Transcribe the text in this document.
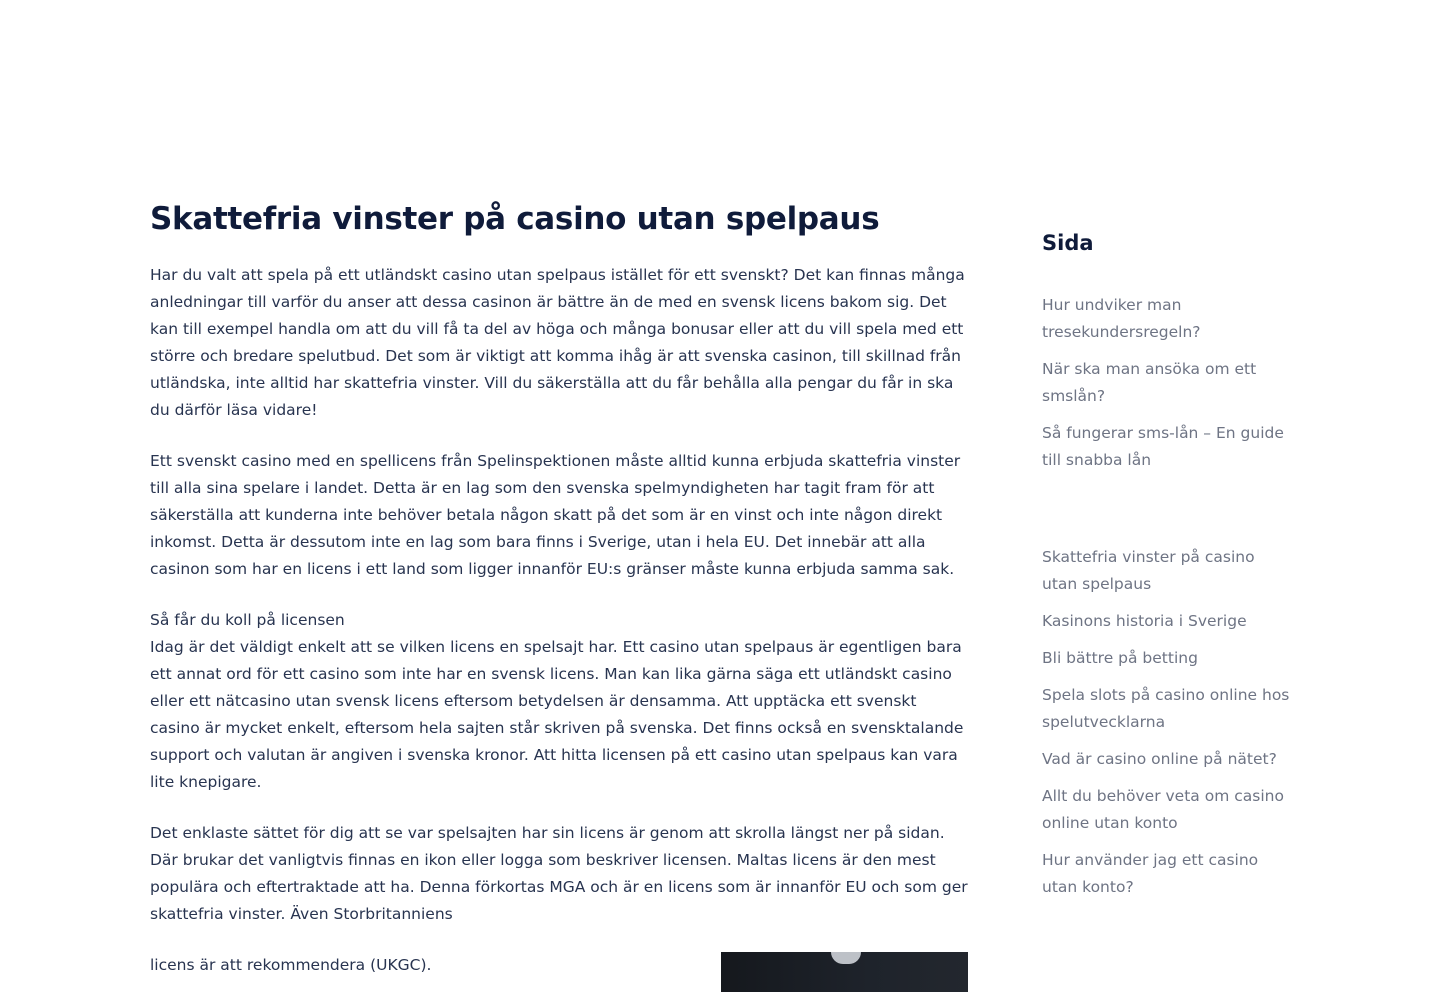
Skattefria vinster på casino utan spelpaus

Har du valt att spela på ett utländskt casino utan spelpaus istället för ett svenskt? Det kan finnas många anledningar till varför du anser att dessa casinon är bättre än de med en svensk licens bakom sig. Det kan till exempel handla om att du vill få ta del av höga och många bonusar eller att du vill spela med ett större och bredare spelutbud. Det som är viktigt att komma ihåg är att svenska casinon, till skillnad från utländska, inte alltid har skattefria vinster. Vill du säkerställa att du får behålla alla pengar du får in ska du därför läsa vidare!

Ett svenskt casino med en spellicens från Spelinspektionen måste alltid kunna erbjuda skattefria vinster till alla sina spelare i landet. Detta är en lag som den svenska spelmyndigheten har tagit fram för att säkerställa att kunderna inte behöver betala någon skatt på det som är en vinst och inte någon direkt inkomst. Detta är dessutom inte en lag som bara finns i Sverige, utan i hela EU. Det innebär att alla casinon som har en licens i ett land som ligger innanför EU:s gränser måste kunna erbjuda samma sak.

Så får du koll på licensen
Idag är det väldigt enkelt att se vilken licens en spelsajt har. Ett casino utan spelpaus är egentligen bara ett annat ord för ett casino som inte har en svensk licens. Man kan lika gärna säga ett utländskt casino eller ett nätcasino utan svensk licens eftersom betydelsen är densamma. Att upptäcka ett svenskt casino är mycket enkelt, eftersom hela sajten står skriven på svenska. Det finns också en svensktalande support och valutan är angiven i svenska kronor. Att hitta licensen på ett casino utan spelpaus kan vara lite knepigare.

Det enklaste sättet för dig att se var spelsajten har sin licens är genom att skrolla längst ner på sidan. Där brukar det vanligtvis finnas en ikon eller logga som beskriver licensen. Maltas licens är den mest populära och eftertraktade att ha. Denna förkortas MGA och är en licens som är innanför EU och som ger skattefria vinster. Även Storbritanniens

licens är att rekommendera (UKGC).

Sida
Hur undviker man tresekundersregeln?
När ska man ansöka om ett smslån?
Så fungerar sms-lån – En guide till snabba lån
Skattefria vinster på casino utan spelpaus
Kasinons historia i Sverige
Bli bättre på betting
Spela slots på casino online hos spelutvecklarna
Vad är casino online på nätet?
Allt du behöver veta om casino online utan konto
Hur använder jag ett casino utan konto?
